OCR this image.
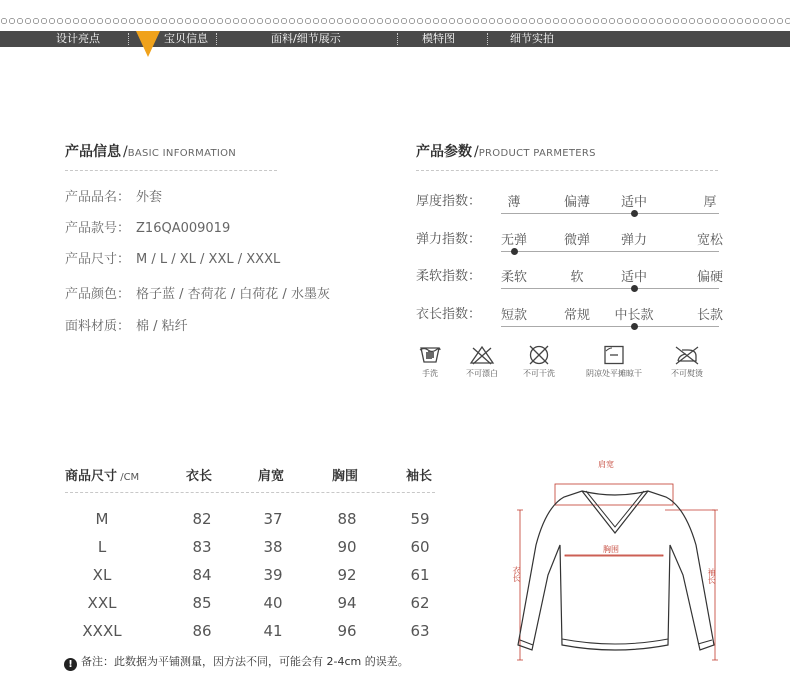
设计亮点	宝贝信息	面料/细节展示	模特图	细节实拍
产品信息 /BASIC INFORMATION
产品品名： 外套
产品款号： Z16QA009019
产品尺寸： M / L / XL / XXL / XXXL
产品颜色： 格子蓝 / 杏荷花 / 白荷花 / 水墨灰
面料材质： 棉 / 粘纤
产品参数 /PRODUCT PARMETERS
厚度指数： 薄	偏薄 适中	厚
弹力指数： 无弹	微弹 弹力	宽松
柔软指数： 柔软	软	适中	偏硬
衣长指数： 短款	常规 中长款	长款
手洗	不可漂白	不可干洗	阴凉处平摊晾干	不可熨烫
商品尺寸 /CM	衣长	肩宽	胸围	袖长
M	82	37	88	59
L	83	38	90	60
XL	84	39	92	61
XXL	85	40	94	62
XXXL	86	41	96	63
! 备注：此数据为平铺测量，因方法不同，可能会有 2-4cm 的误差。
肩宽
胸围
衣长	袖长
